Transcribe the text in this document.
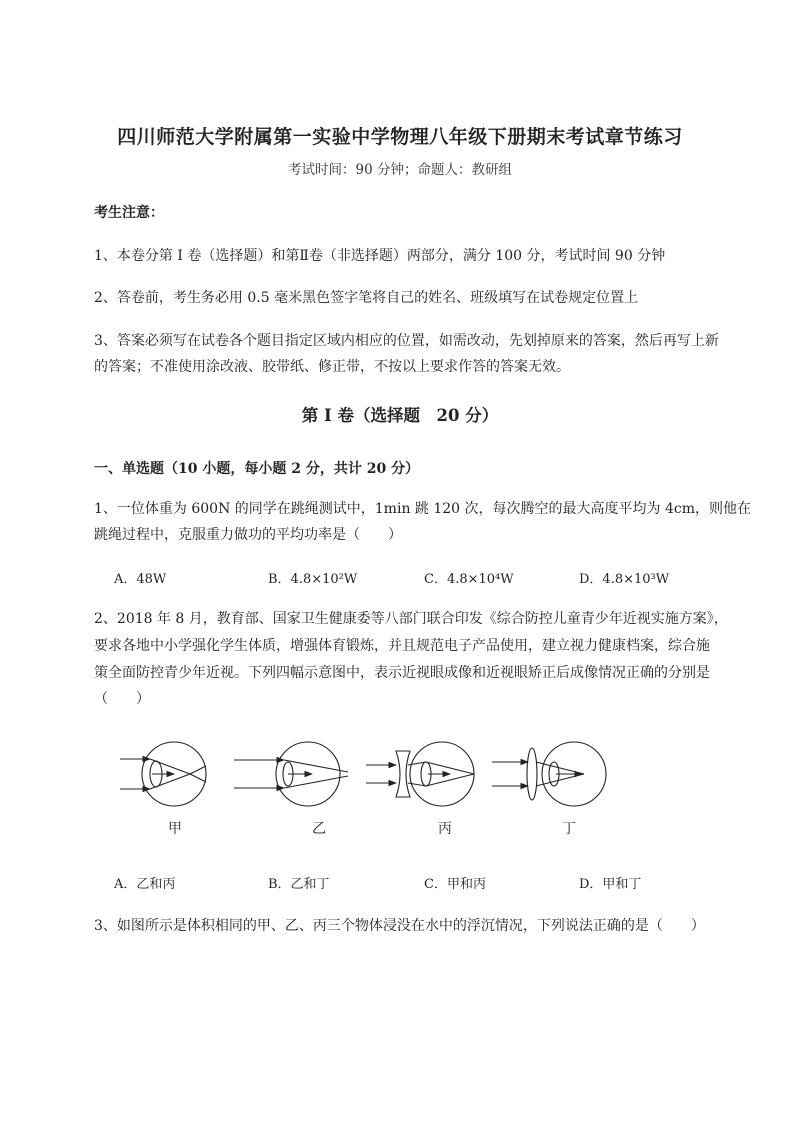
四川师范大学附属第一实验中学物理八年级下册期末考试章节练习
考试时间：90 分钟；命题人：教研组
考生注意：
1、本卷分第 I 卷（选择题）和第Ⅱ卷（非选择题）两部分，满分 100 分，考试时间 90 分钟
2、答卷前，考生务必用 0.5 毫米黑色签字笔将自己的姓名、班级填写在试卷规定位置上
3、答案必须写在试卷各个题目指定区域内相应的位置，如需改动，先划掉原来的答案，然后再写上新
的答案；不准使用涂改液、胶带纸、修正带，不按以上要求作答的答案无效。
第 I 卷（选择题　20 分）
一、单选题（10 小题，每小题 2 分，共计 20 分）
1、一位体重为 600N 的同学在跳绳测试中，1min 跳 120 次，每次腾空的最大高度平均为 4cm，则他在
跳绳过程中，克服重力做功的平均功率是（　　）
A．48W	B．4.8×10²W	C．4.8×10⁴W	D．4.8×10³W
2、2018 年 8 月，教育部、国家卫生健康委等八部门联合印发《综合防控儿童青少年近视实施方案》，
要求各地中小学强化学生体质，增强体育锻炼，并且规范电子产品使用，建立视力健康档案，综合施
策全面防控青少年近视。下列四幅示意图中，表示近视眼成像和近视眼矫正后成像情况正确的分别是
（　　）
甲	乙	丙	丁
A．乙和丙	B．乙和丁	C．甲和丙	D．甲和丁
3、如图所示是体积相同的甲、乙、丙三个物体浸没在水中的浮沉情况，下列说法正确的是（　　）
